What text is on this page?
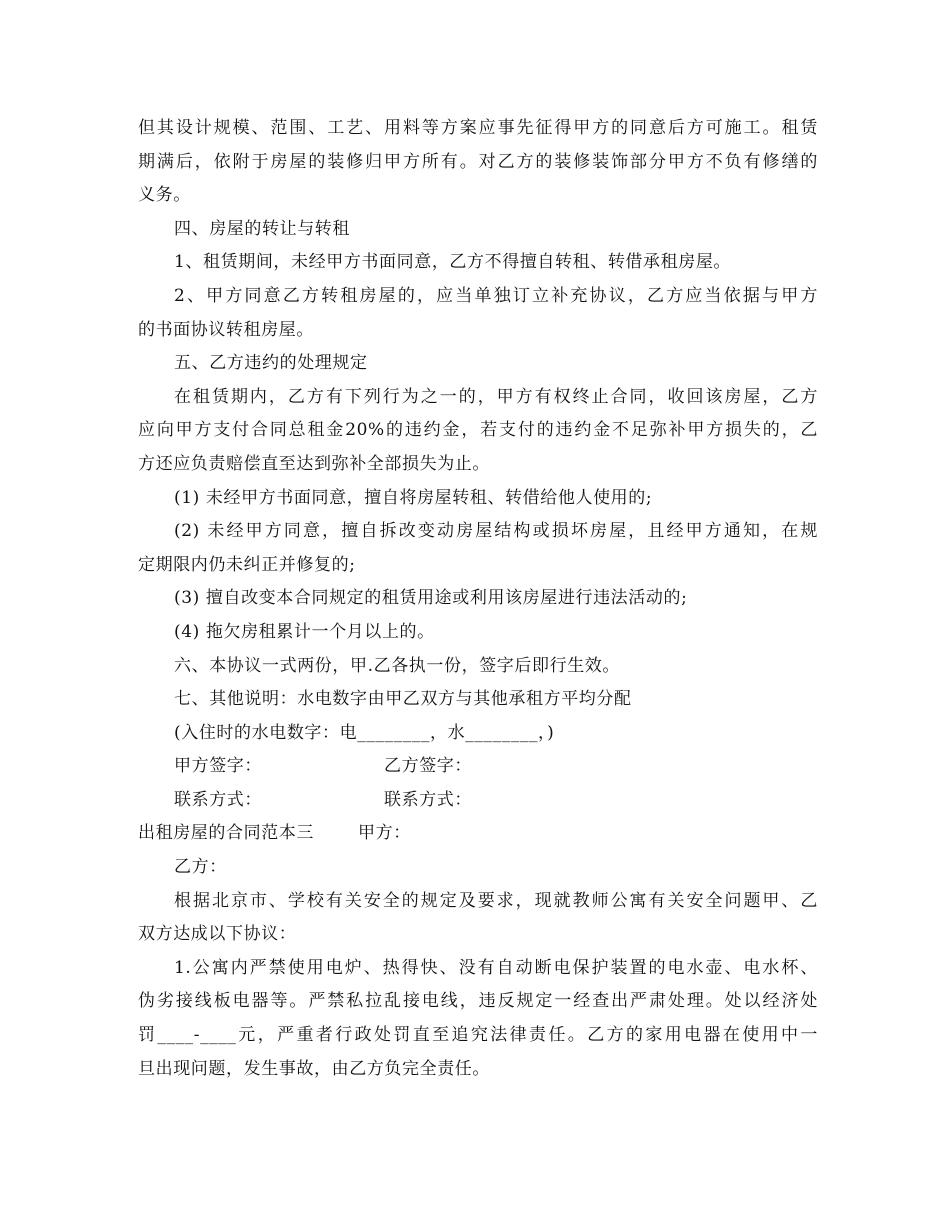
但其设计规模、范围、工艺、用料等方案应事先征得甲方的同意后方可施工。租赁
期满后，依附于房屋的装修归甲方所有。对乙方的装修装饰部分甲方不负有修缮的
义务。
四、房屋的转让与转租
1、租赁期间，未经甲方书面同意，乙方不得擅自转租、转借承租房屋。
2、甲方同意乙方转租房屋的，应当单独订立补充协议，乙方应当依据与甲方
的书面协议转租房屋。
五、乙方违约的处理规定
在租赁期内，乙方有下列行为之一的，甲方有权终止合同，收回该房屋，乙方
应向甲方支付合同总租金20%的违约金，若支付的违约金不足弥补甲方损失的，乙
方还应负责赔偿直至达到弥补全部损失为止。
(1) 未经甲方书面同意，擅自将房屋转租、转借给他人使用的;
(2) 未经甲方同意，擅自拆改变动房屋结构或损坏房屋，且经甲方通知，在规
定期限内仍未纠正并修复的;
(3) 擅自改变本合同规定的租赁用途或利用该房屋进行违法活动的;
(4) 拖欠房租累计一个月以上的。
六、本协议一式两份，甲.乙各执一份，签字后即行生效。
七、其他说明：水电数字由甲乙双方与其他承租方平均分配
(入住时的水电数字：电________，水________，)
甲方签字：	乙方签字：
联系方式：	联系方式：
出租房屋的合同范本三	甲方：
乙方：
根据北京市、学校有关安全的规定及要求，现就教师公寓有关安全问题甲、乙
双方达成以下协议：
1.公寓内严禁使用电炉、热得快、没有自动断电保护装置的电水壶、电水杯、
伪劣接线板电器等。严禁私拉乱接电线，违反规定一经查出严肃处理。处以经济处
罚____-____元，严重者行政处罚直至追究法律责任。乙方的家用电器在使用中一
旦出现问题，发生事故，由乙方负完全责任。
